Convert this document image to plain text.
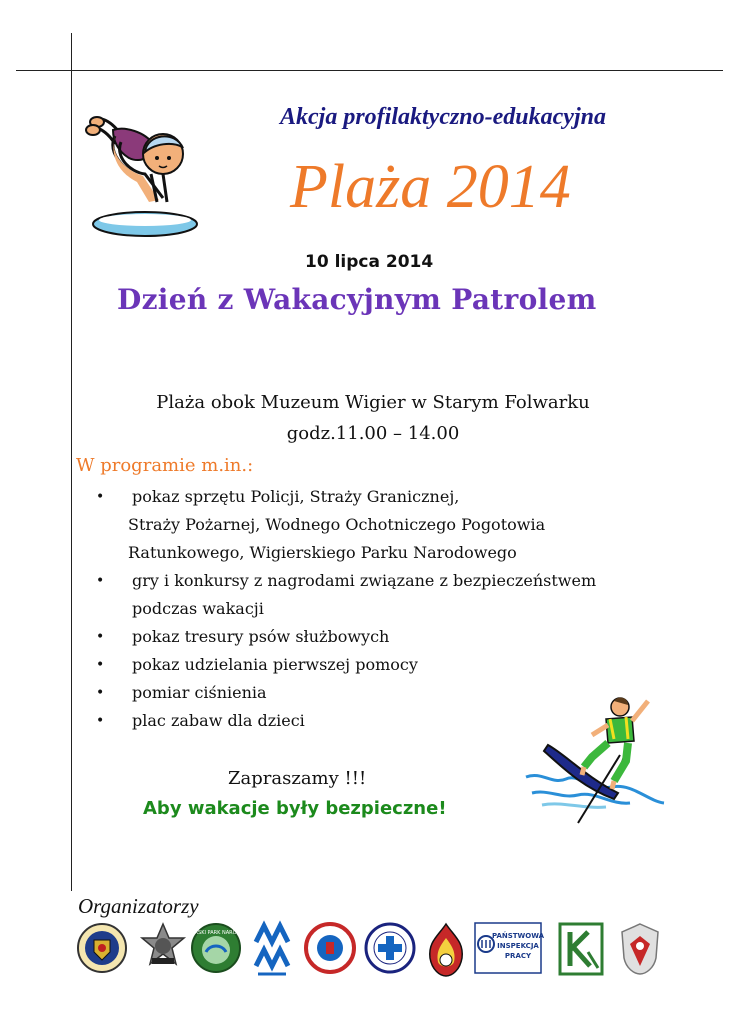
Akcja profilaktyczno-edukacyjna
Plaża 2014
10 lipca 2014
Dzień z Wakacyjnym Patrolem
Plaża obok Muzeum Wigier w Starym Folwarku
godz.11.00 – 14.00
W programie m.in.:
• pokaz sprzętu Policji, Straży Granicznej,
Straży Pożarnej, Wodnego Ochotniczego Pogotowia
Ratunkowego, Wigierskiego Parku Narodowego
• gry i konkursy z nagrodami związane z bezpieczeństwem
podczas wakacji
• pokaz tresury psów służbowych
• pokaz udzielania pierwszej pomocy
• pomiar ciśnienia
• plac zabaw dla dzieci
Zapraszamy !!!
Aby wakacje były bezpieczne!
Organizatorzy
WIGIERSKI PARK NARODOWY	PAŃSTWOWA
INSPEKCJA
PRACY
